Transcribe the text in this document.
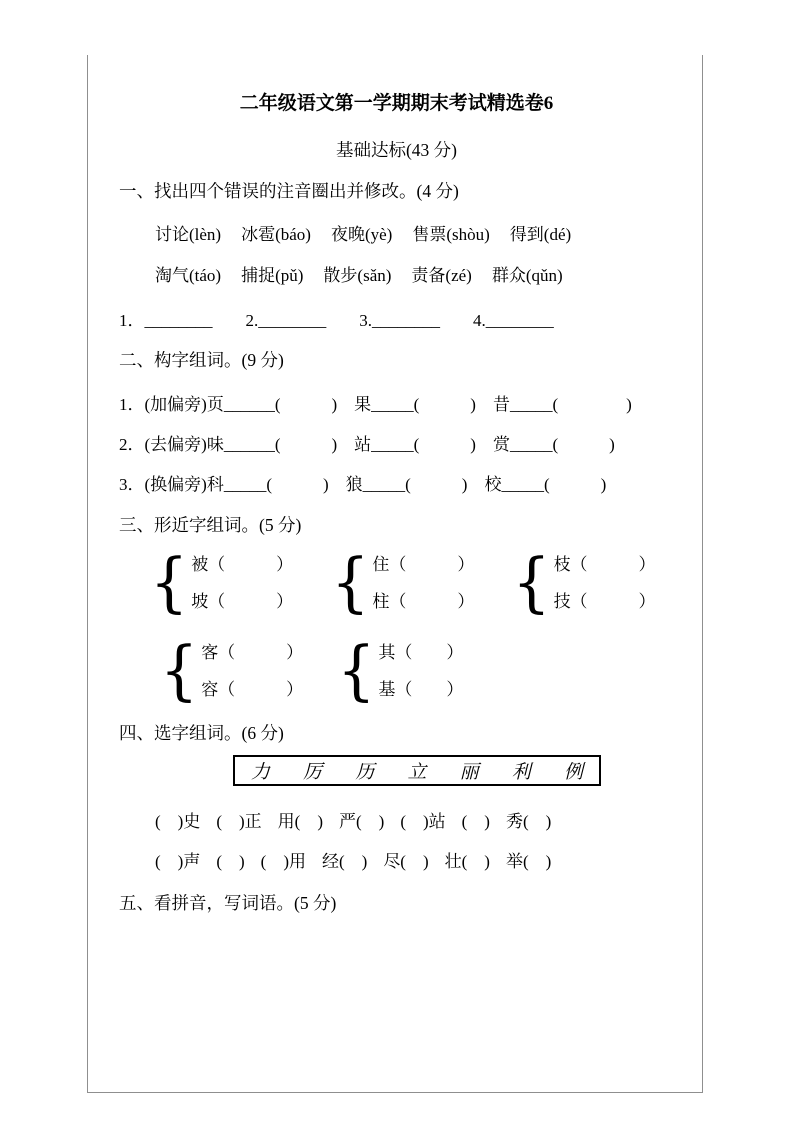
二年级语文第一学期期末考试精选卷6
基础达标(43 分)
一、找出四个错误的注音圈出并修改。(4 分)
讨论(lèn) 冰雹(báo) 夜晚(yè) 售票(shòu) 得到(dé)
淘气(táo) 捕捉(pǔ) 散步(sǎn) 责备(zé) 群众(qǔn)
1．________ 2.________ 3.________ 4.________
二、构字组词。(9 分)
1．(加偏旁)页______(　　　)　果_____(　　　)　昔_____(　　　　)
2．(去偏旁)味______(　　　)　站_____(　　　)　赏_____(　　　)
3．(换偏旁)科_____(　　　)　狼_____(　　　)　校_____(　　　)
三、形近字组词。(5 分)
{ 被（　　　）
坡（　　　） { 住（　　　）
柱（　　　） { 枝（　　　）
技（　　　）
{ 客（　　　）
容（　　　） { 其（　　）
基（　　）
四、选字组词。(6 分)
力 厉 历 立 丽 利 例
(　)史 (　)正 用(　) 严(　) (　)站 (　) 秀(　)
(　)声 (　) (　)用 经(　) 尽(　) 壮(　) 举(　)
五、看拼音，写词语。(5 分)
